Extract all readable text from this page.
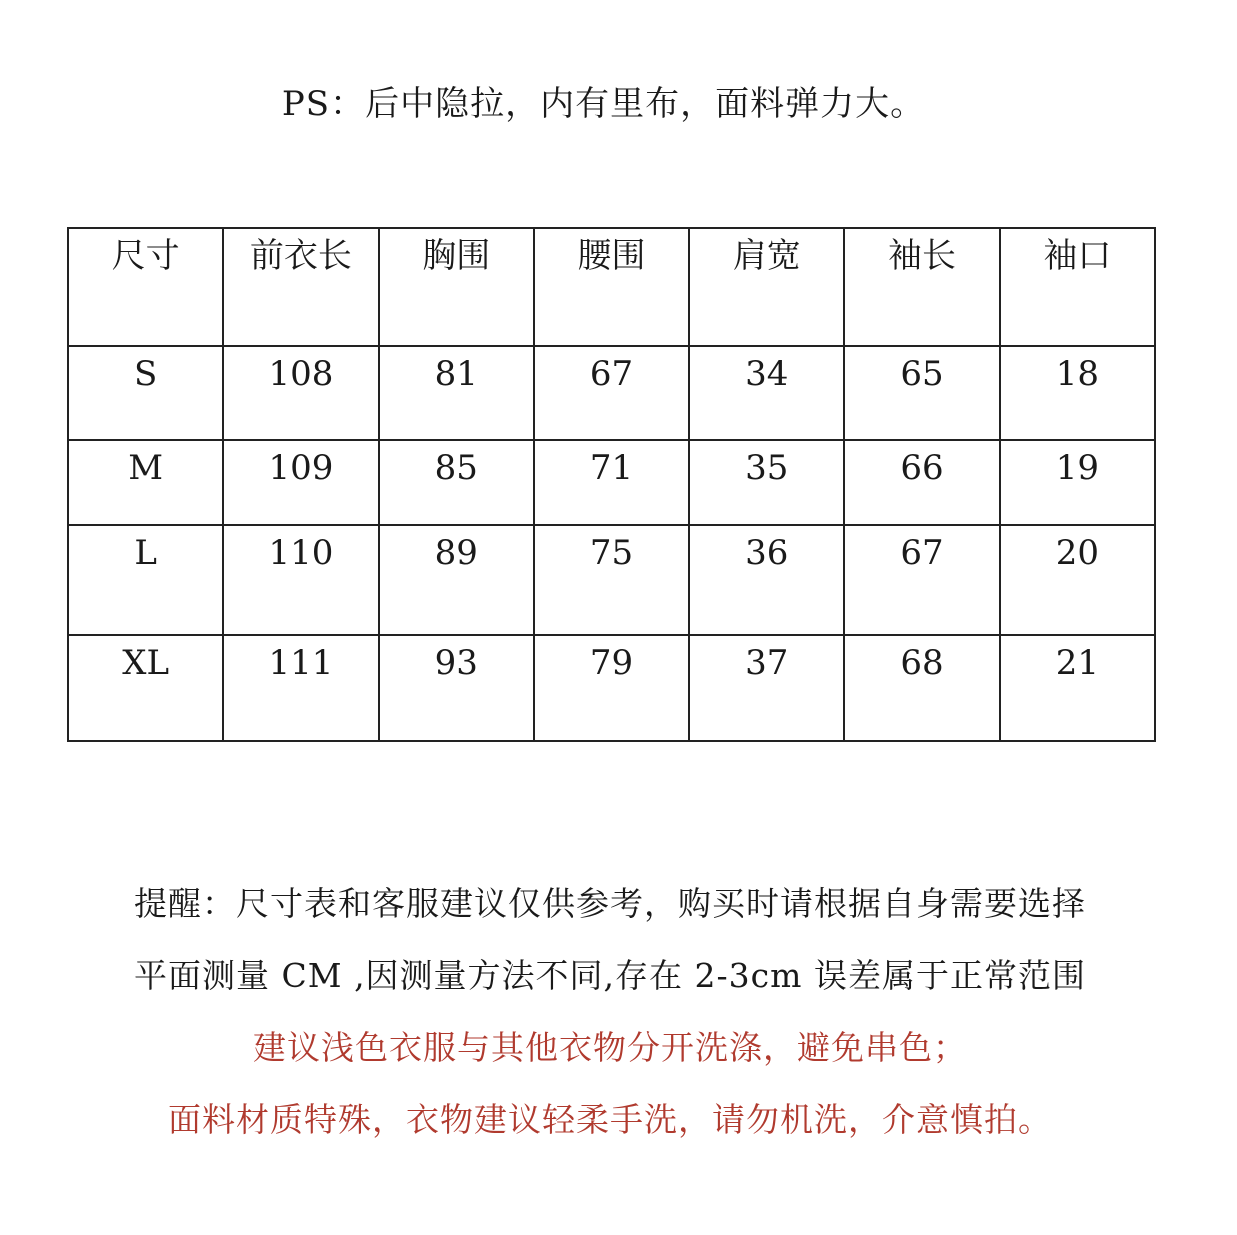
PS：后中隐拉，内有里布，面料弹力大。
尺寸	前衣长	胸围	腰围	肩宽	袖长	袖口
S	108	81	67	34	65	18
M	109	85	71	35	66	19
L	110	89	75	36	67	20
XL	111	93	79	37	68	21
提醒：尺寸表和客服建议仅供参考，购买时请根据自身需要选择
平面测量 CM ,因测量方法不同,存在 2-3cm 误差属于正常范围
建议浅色衣服与其他衣物分开洗涤，避免串色；
面料材质特殊，衣物建议轻柔手洗，请勿机洗，介意慎拍。
